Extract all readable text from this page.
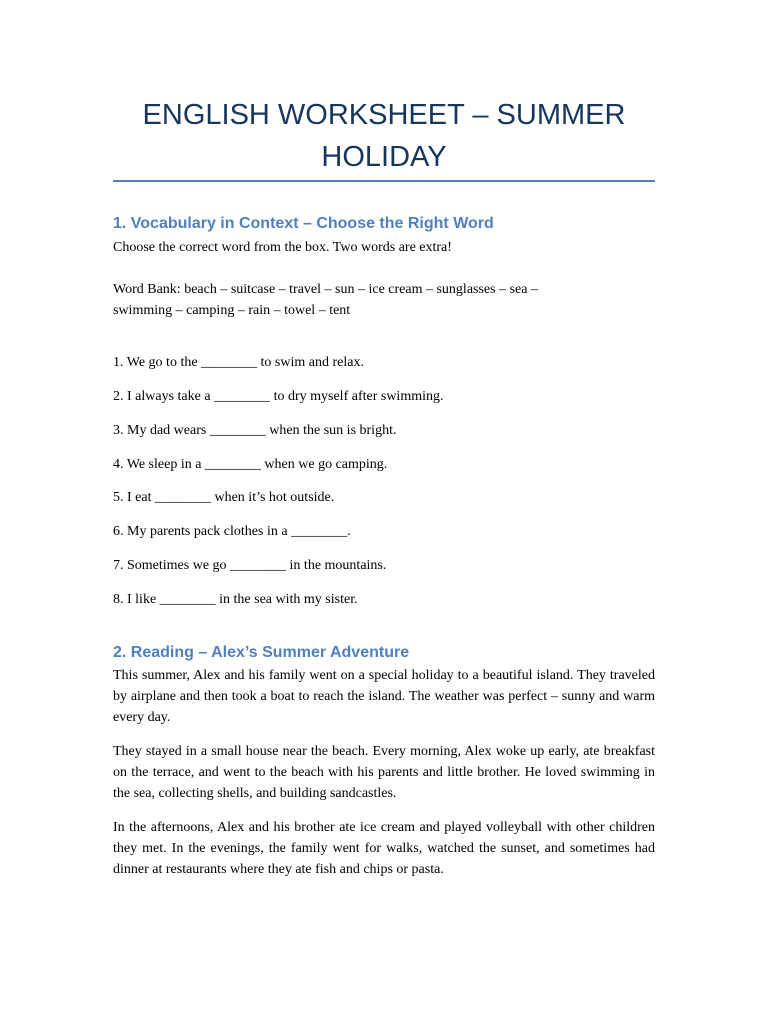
ENGLISH WORKSHEET – SUMMER HOLIDAY
1. Vocabulary in Context – Choose the Right Word

Choose the correct word from the box. Two words are extra!

Word Bank: beach – suitcase – travel – sun – ice cream – sunglasses – sea –

swimming – camping – rain – towel – tent

1. We go to the ________ to swim and relax.

2. I always take a ________ to dry myself after swimming.

3. My dad wears ________ when the sun is bright.

4. We sleep in a ________ when we go camping.

5. I eat ________ when it’s hot outside.

6. My parents pack clothes in a ________.

7. Sometimes we go ________ in the mountains.

8. I like ________ in the sea with my sister.

2. Reading – Alex’s Summer Adventure

This summer, Alex and his family went on a special holiday to a beautiful island. They traveled by airplane and then took a boat to reach the island. The weather was perfect – sunny and warm every day.

They stayed in a small house near the beach. Every morning, Alex woke up early, ate breakfast on the terrace, and went to the beach with his parents and little brother. He loved swimming in the sea, collecting shells, and building sandcastles.

In the afternoons, Alex and his brother ate ice cream and played volleyball with other children they met. In the evenings, the family went for walks, watched the sunset, and sometimes had dinner at restaurants where they ate fish and chips or pasta.
